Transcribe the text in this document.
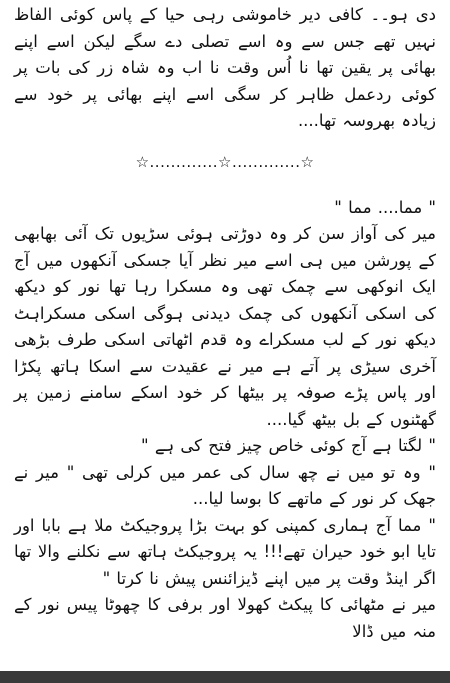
دی ہو۔۔ کافی دیر خاموشی رہی حیا کے پاس کوئی الفاظ نہیں تھے جس سے وہ اسے تصلی دے سگے لیکن اسے اپنے بھائی پر یقین تھا نا اُس وقت نا اب وہ شاہ زر کی بات پر کوئی ردعمل ظاہر کر سگی اسے اپنے بھائی پر خود سے زیادہ بھروسہ تھا....

☆.............☆.............☆

" مما.... مما "

میر کی آواز سن کر وہ دوڑتی ہوئی سڑیوں تک آئی بھابھی کے پورشن میں ہی اسے میر نظر آیا جسکی آنکھوں میں آج ایک انوکھی سے چمک تھی وہ مسکرا رہا تھا نور کو دیکھ کی اسکی آنکھوں کی چمک دیدنی ہوگی اسکی مسکراہٹ دیکھ نور کے لب مسکراے وہ قدم اٹھاتی اسکی طرف بڑھی آخری سیڑی پر آتے ہے میر نے عقیدت سے اسکا ہاتھ پکڑا اور پاس پڑے صوفہ پر بیٹھا کر خود اسکے سامنے زمین پر گھٹنوں کے بل بیٹھ گیا....

" لگتا ہے آج کوئی خاص چیز فتح کی ہے "

" وہ تو میں نے چھ سال کی عمر میں کرلی تھی " میر نے جھک کر نور کے ماتھے کا بوسا لیا...

" مما آج ہماری کمپنی کو بہت بڑا پروجیکٹ ملا ہے بابا اور تایا ابو خود حیران تھے!!! یہ پروجیکٹ ہاتھ سے نکلنے والا تھا اگر اینڈ وقت پر میں اپنے ڈیزائنس پیش نا کرتا "

میر نے مٹھائی کا پیکٹ کھولا اور برفی کا چھوٹا پیس نور کے منہ میں ڈالا
